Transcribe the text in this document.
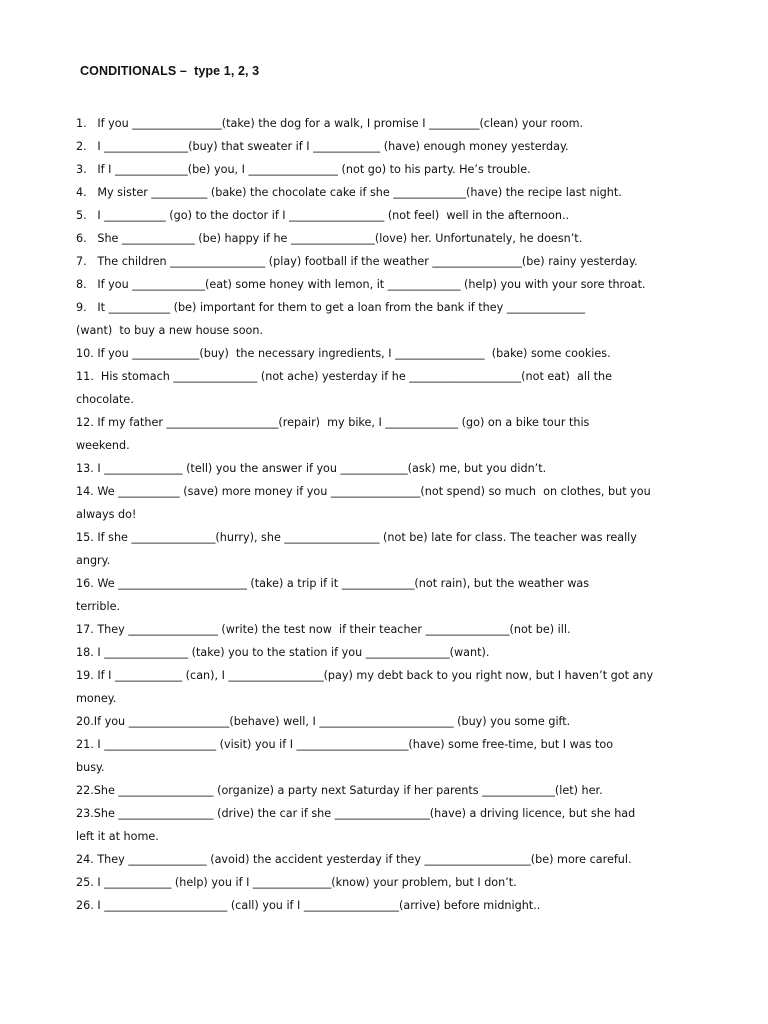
CONDITIONALS –  type 1, 2, 3
1.   If you ________________(take) the dog for a walk, I promise I _________(clean) your room.
2.   I _______________(buy) that sweater if I ____________ (have) enough money yesterday.
3.   If I _____________(be) you, I ________________ (not go) to his party. He’s trouble.
4.   My sister __________ (bake) the chocolate cake if she _____________(have) the recipe last night.
5.   I ___________ (go) to the doctor if I _________________ (not feel)  well in the afternoon..
6.   She _____________ (be) happy if he _______________(love) her. Unfortunately, he doesn’t.
7.   The children _________________ (play) football if the weather ________________(be) rainy yesterday.
8.   If you _____________(eat) some honey with lemon, it _____________ (help) you with your sore throat.
9.   It ___________ (be) important for them to get a loan from the bank if they ______________
(want)  to buy a new house soon.
10. If you ____________(buy)  the necessary ingredients, I ________________  (bake) some cookies.
11.  His stomach _______________ (not ache) yesterday if he ____________________(not eat)  all the
chocolate.
12. If my father ____________________(repair)  my bike, I _____________ (go) on a bike tour this
weekend.
13. I ______________ (tell) you the answer if you ____________(ask) me, but you didn’t.
14. We ___________ (save) more money if you ________________(not spend) so much  on clothes, but you
always do!
15. If she _______________(hurry), she _________________ (not be) late for class. The teacher was really
angry.
16. We _______________________ (take) a trip if it _____________(not rain), but the weather was
terrible.
17. They ________________ (write) the test now  if their teacher _______________(not be) ill.
18. I _______________ (take) you to the station if you _______________(want).
19. If I ____________ (can), I _________________(pay) my debt back to you right now, but I haven’t got any
money.
20.If you __________________(behave) well, I ________________________ (buy) you some gift.
21. I ____________________ (visit) you if I ____________________(have) some free-time, but I was too
busy.
22.She _________________ (organize) a party next Saturday if her parents _____________(let) her.
23.She _________________ (drive) the car if she _________________(have) a driving licence, but she had
left it at home.
24. They ______________ (avoid) the accident yesterday if they ___________________(be) more careful.
25. I ____________ (help) you if I ______________(know) your problem, but I don’t.
26. I ______________________ (call) you if I _________________(arrive) before midnight..
